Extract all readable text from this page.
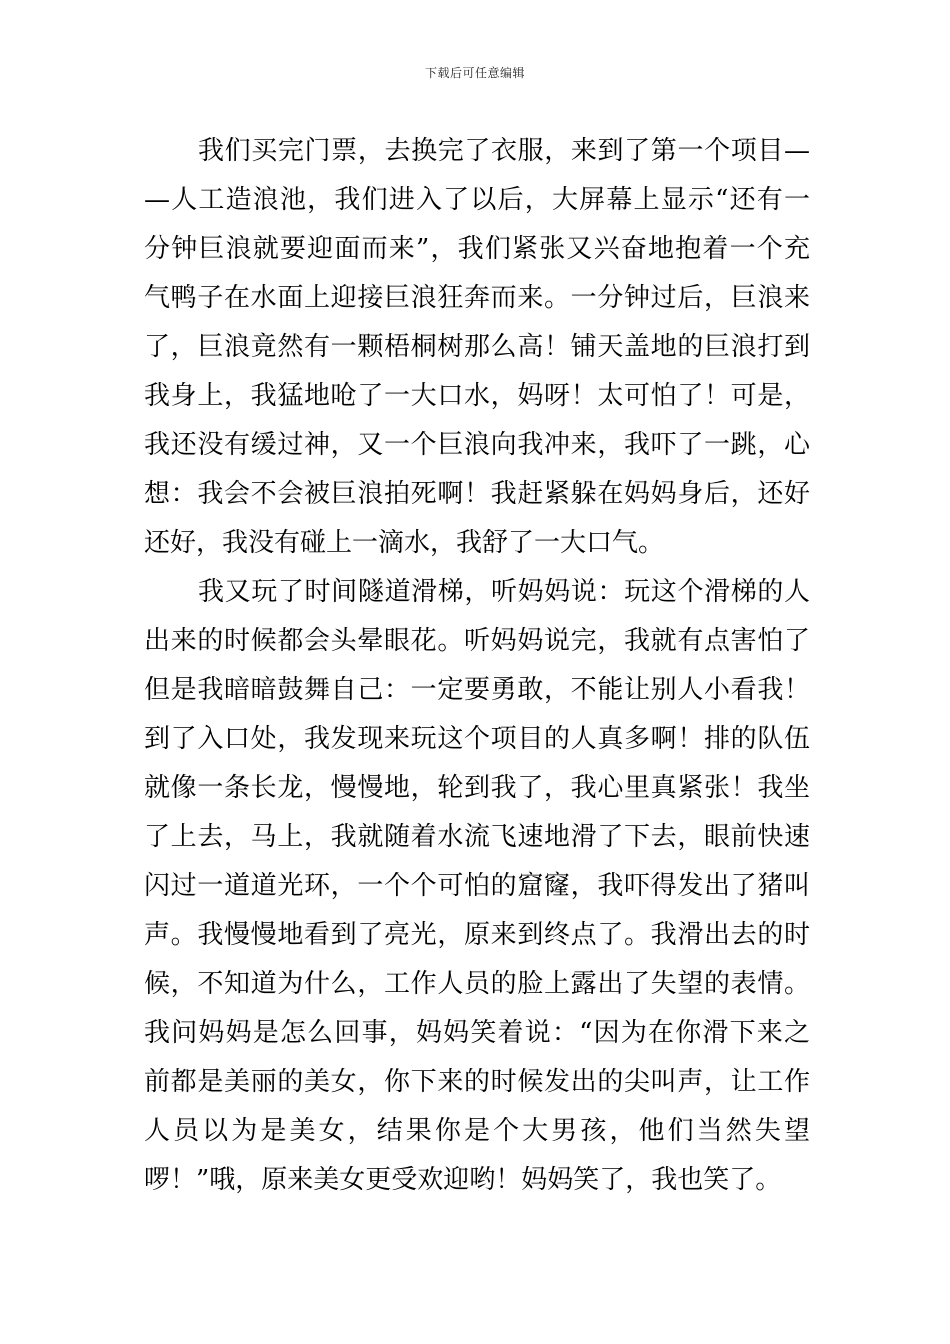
下载后可任意编辑
我们买完门票，去换完了衣服，来到了第一个项目—
—人工造浪池，我们进入了以后，大屏幕上显示“还有一
分钟巨浪就要迎面而来”，我们紧张又兴奋地抱着一个充
气鸭子在水面上迎接巨浪狂奔而来。一分钟过后，巨浪来
了，巨浪竟然有一颗梧桐树那么高！铺天盖地的巨浪打到
我身上，我猛地呛了一大口水，妈呀！太可怕了！可是，
我还没有缓过神，又一个巨浪向我冲来，我吓了一跳，心
想：我会不会被巨浪拍死啊！我赶紧躲在妈妈身后，还好
还好，我没有碰上一滴水，我舒了一大口气。
我又玩了时间隧道滑梯，听妈妈说：玩这个滑梯的人
出来的时候都会头晕眼花。听妈妈说完，我就有点害怕了
但是我暗暗鼓舞自己：一定要勇敢，不能让别人小看我！
到了入口处，我发现来玩这个项目的人真多啊！排的队伍
就像一条长龙，慢慢地，轮到我了，我心里真紧张！我坐
了上去，马上，我就随着水流飞速地滑了下去，眼前快速
闪过一道道光环，一个个可怕的窟窿，我吓得发出了猪叫
声。我慢慢地看到了亮光，原来到终点了。我滑出去的时
候，不知道为什么，工作人员的脸上露出了失望的表情。
我问妈妈是怎么回事，妈妈笑着说：“因为在你滑下来之
前都是美丽的美女，你下来的时候发出的尖叫声，让工作
人员以为是美女，结果你是个大男孩，他们当然失望
啰！”哦，原来美女更受欢迎哟！妈妈笑了，我也笑了。
